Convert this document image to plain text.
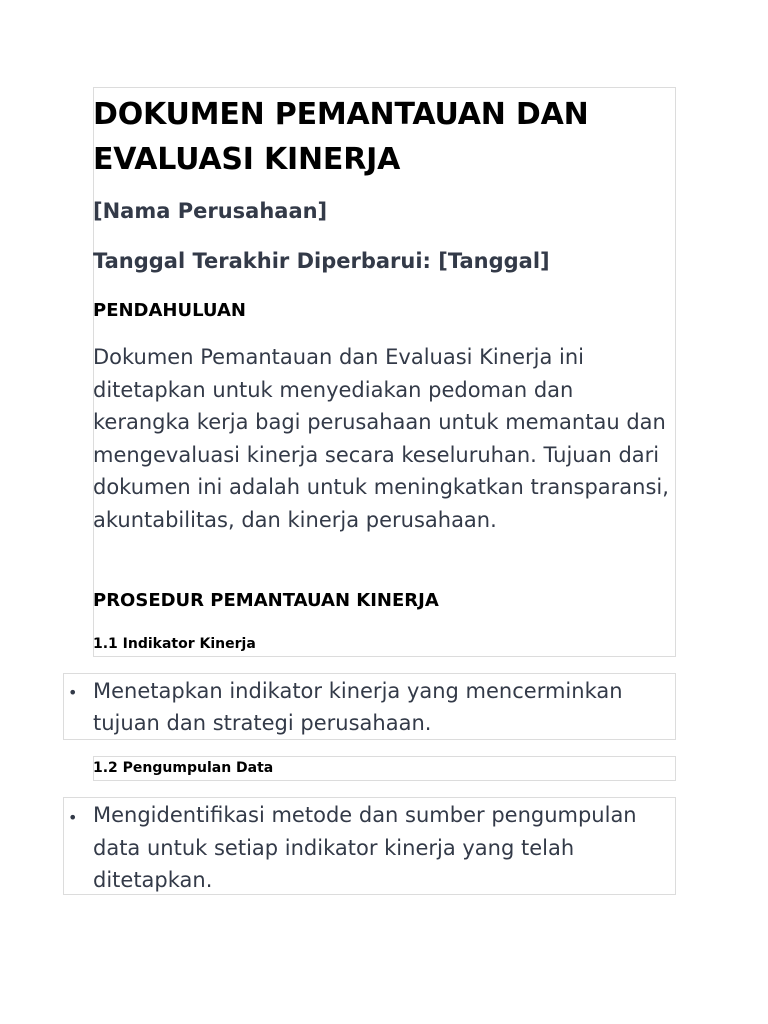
DOKUMEN PEMANTAUAN DAN EVALUASI KINERJA
[Nama Perusahaan]
Tanggal Terakhir Diperbarui: [Tanggal]
PENDAHULUAN

Dokumen Pemantauan dan Evaluasi Kinerja ini ditetapkan untuk menyediakan pedoman dan kerangka kerja bagi perusahaan untuk memantau dan mengevaluasi kinerja secara keseluruhan. Tujuan dari dokumen ini adalah untuk meningkatkan transparansi, akuntabilitas, dan kinerja perusahaan.

PROSEDUR PEMANTAUAN KINERJA
1.1 Indikator Kinerja
• Menetapkan indikator kinerja yang mencerminkan tujuan dan strategi perusahaan.

1.2 Pengumpulan Data
• Mengidentifikasi metode dan sumber pengumpulan data untuk setiap indikator kinerja yang telah ditetapkan.
